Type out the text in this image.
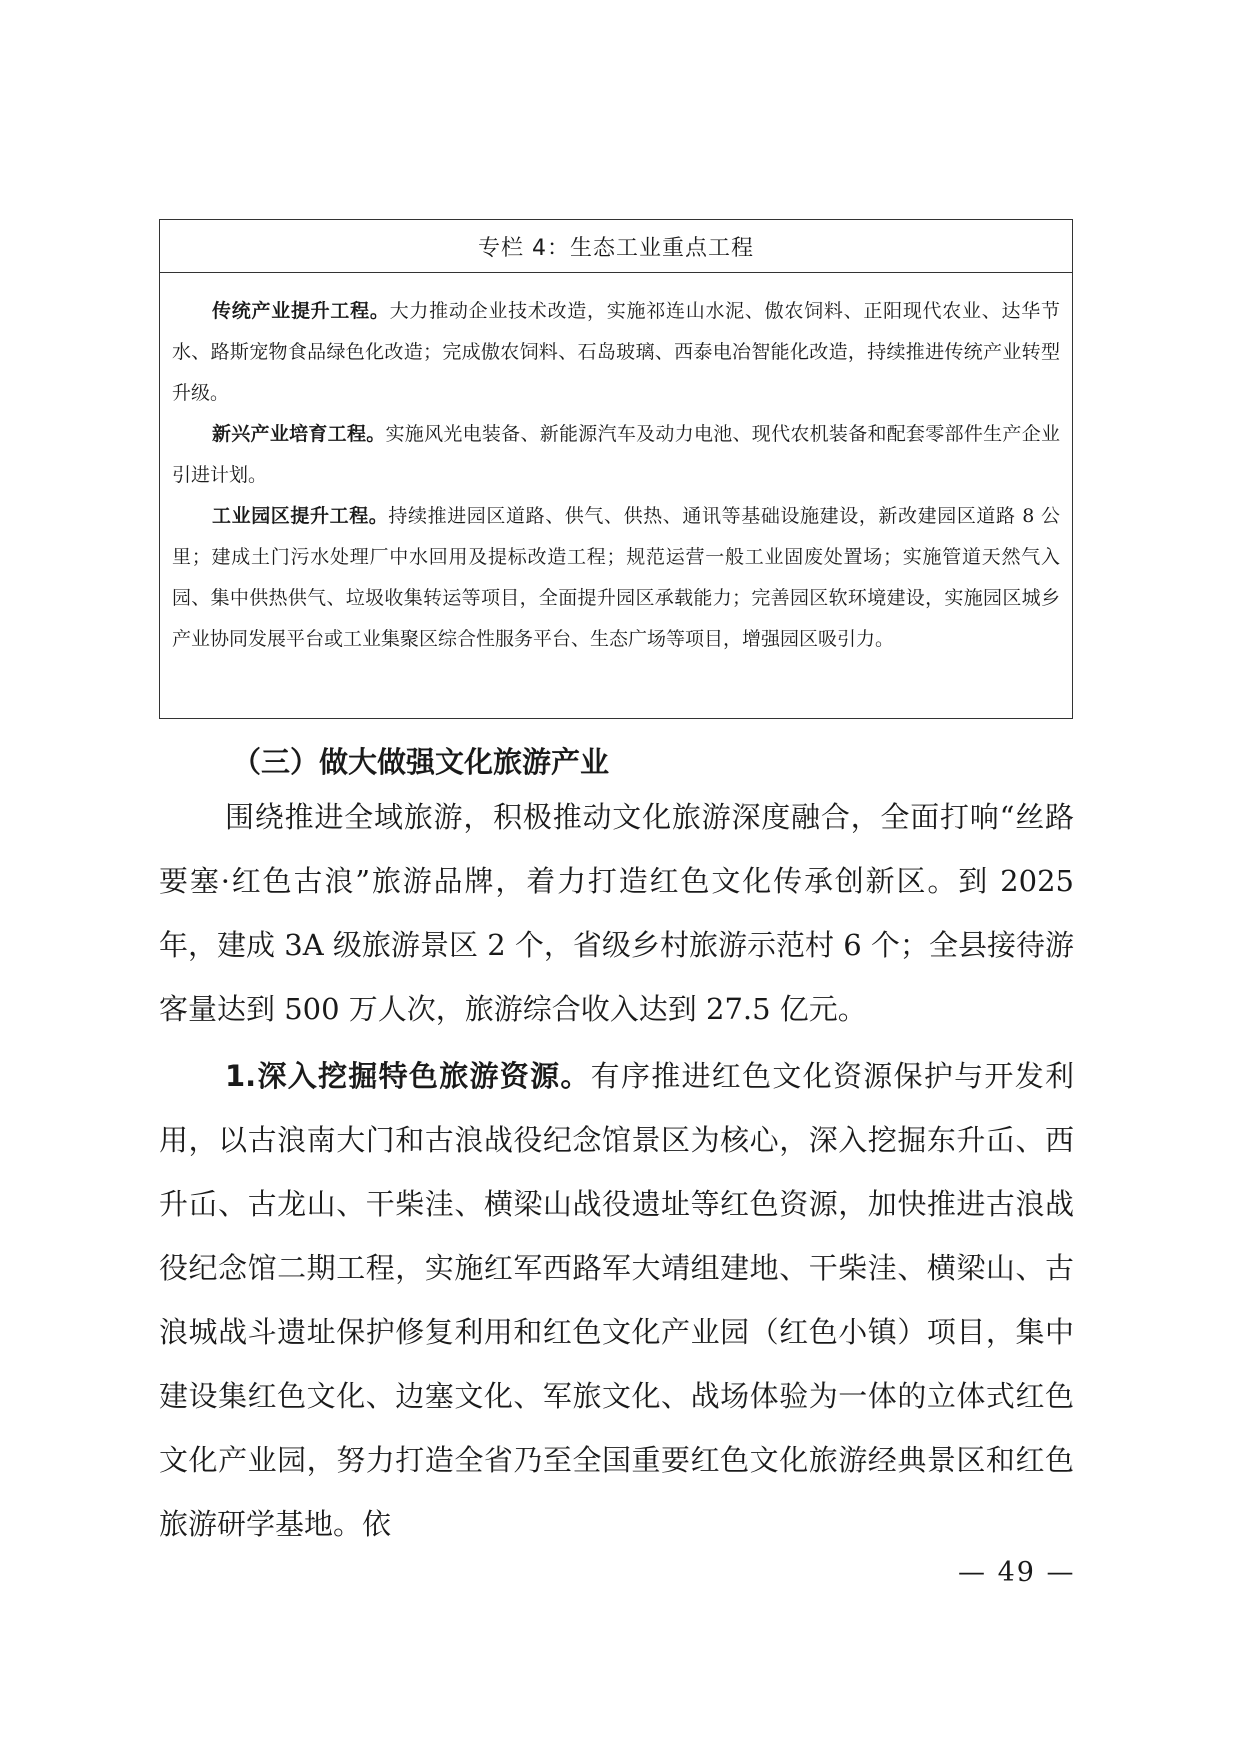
专栏 4：生态工业重点工程

传统产业提升工程。大力推动企业技术改造，实施祁连山水泥、傲农饲料、正阳现代农业、达华节水、路斯宠物食品绿色化改造；完成傲农饲料、石岛玻璃、西泰电冶智能化改造，持续推进传统产业转型升级。

新兴产业培育工程。实施风光电装备、新能源汽车及动力电池、现代农机装备和配套零部件生产企业引进计划。

工业园区提升工程。持续推进园区道路、供气、供热、通讯等基础设施建设，新改建园区道路 8 公里；建成土门污水处理厂中水回用及提标改造工程；规范运营一般工业固废处置场；实施管道天然气入园、集中供热供气、垃圾收集转运等项目，全面提升园区承载能力；完善园区软环境建设，实施园区城乡产业协同发展平台或工业集聚区综合性服务平台、生态广场等项目，增强园区吸引力。

（三）做大做强文化旅游产业

围绕推进全域旅游，积极推动文化旅游深度融合，全面打响“丝路要塞·红色古浪”旅游品牌，着力打造红色文化传承创新区。到 2025 年，建成 3A 级旅游景区 2 个，省级乡村旅游示范村 6 个；全县接待游客量达到 500 万人次，旅游综合收入达到 27.5 亿元。

1.深入挖掘特色旅游资源。有序推进红色文化资源保护与开发利用，以古浪南大门和古浪战役纪念馆景区为核心，深入挖掘东升屲、西升屲、古龙山、干柴洼、横梁山战役遗址等红色资源，加快推进古浪战役纪念馆二期工程，实施红军西路军大靖组建地、干柴洼、横梁山、古浪城战斗遗址保护修复利用和红色文化产业园（红色小镇）项目，集中建设集红色文化、边塞文化、军旅文化、战场体验为一体的立体式红色文化产业园，努力打造全省乃至全国重要红色文化旅游经典景区和红色旅游研学基地。依

— 49 —
